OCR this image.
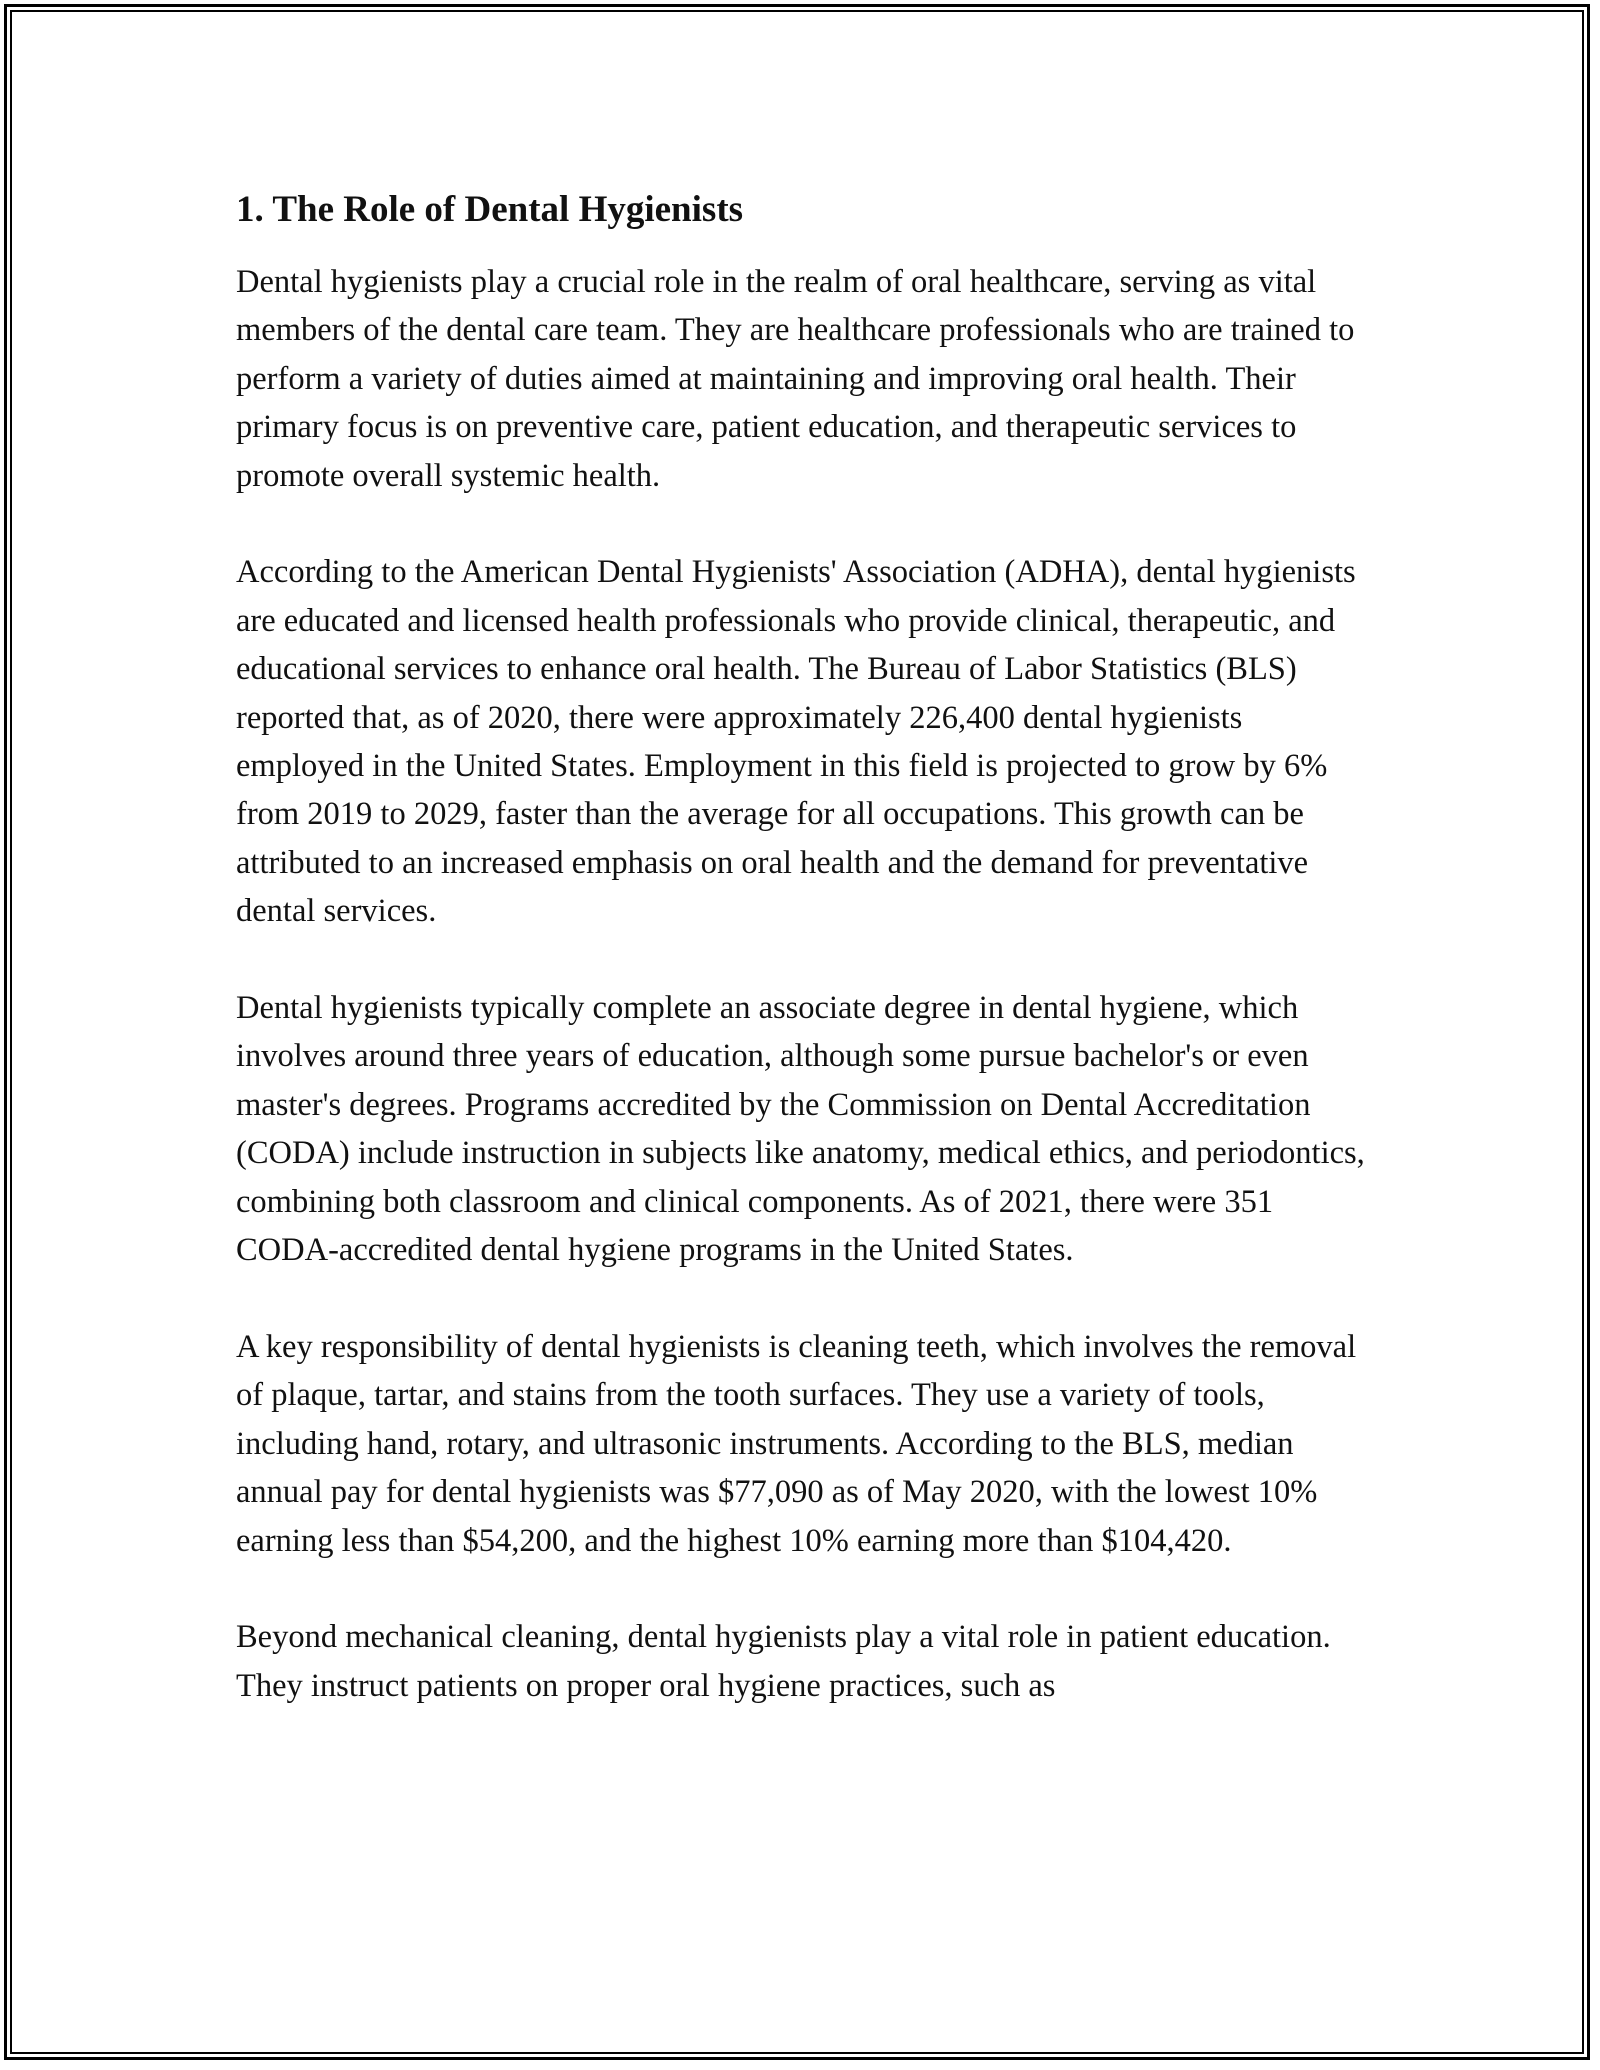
1. The Role of Dental Hygienists

Dental hygienists play a crucial role in the realm of oral healthcare, serving as vital members of the dental care team. They are healthcare professionals who are trained to perform a variety of duties aimed at maintaining and improving oral health. Their primary focus is on preventive care, patient education, and therapeutic services to promote overall systemic health.

According to the American Dental Hygienists' Association (ADHA), dental hygienists are educated and licensed health professionals who provide clinical, therapeutic, and educational services to enhance oral health. The Bureau of Labor Statistics (BLS) reported that, as of 2020, there were approximately 226,400 dental hygienists employed in the United States. Employment in this field is projected to grow by 6% from 2019 to 2029, faster than the average for all occupations. This growth can be attributed to an increased emphasis on oral health and the demand for preventative dental services.

Dental hygienists typically complete an associate degree in dental hygiene, which involves around three years of education, although some pursue bachelor's or even master's degrees. Programs accredited by the Commission on Dental Accreditation (CODA) include instruction in subjects like anatomy, medical ethics, and periodontics, combining both classroom and clinical components. As of 2021, there were 351 CODA-accredited dental hygiene programs in the United States.

A key responsibility of dental hygienists is cleaning teeth, which involves the removal of plaque, tartar, and stains from the tooth surfaces. They use a variety of tools, including hand, rotary, and ultrasonic instruments. According to the BLS, median annual pay for dental hygienists was $77,090 as of May 2020, with the lowest 10% earning less than $54,200, and the highest 10% earning more than $104,420.

Beyond mechanical cleaning, dental hygienists play a vital role in patient education. They instruct patients on proper oral hygiene practices, such as
